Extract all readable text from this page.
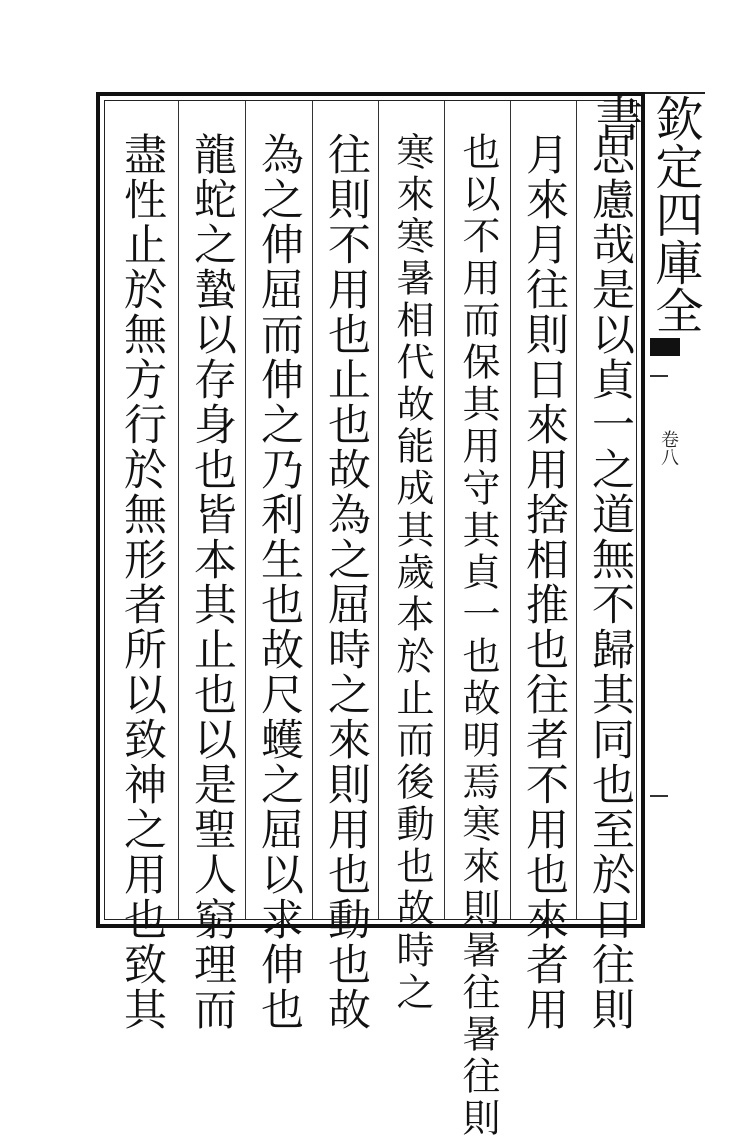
欽定四庫全書
卷八
思慮哉是以貞一之道無不歸其同也至於日往則
月來月往則日來用捨相推也往者不用也來者用
也以不用而保其用守其貞一也故明焉寒來則暑往暑往則
寒來寒暑相代故能成其歲本於止而後動也故時之
往則不用也止也故為之屈時之來則用也動也故
為之伸屈而伸之乃利生也故尺蠖之屈以求伸也
龍蛇之蟄以存身也皆本其止也以是聖人窮理而
盡性止於無方行於無形者所以致神之用也致其
